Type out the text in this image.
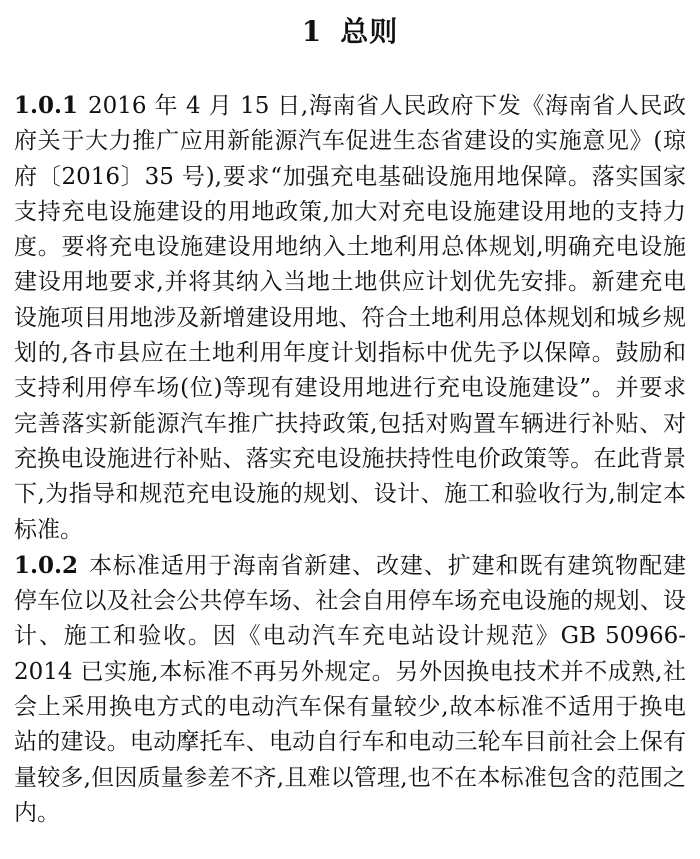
1 总则

1.0.1 2016 年 4 月 15 日,海南省人民政府下发《海南省人民政府关于大力推广应用新能源汽车促进生态省建设的实施意见》(琼府〔2016〕35 号),要求“加强充电基础设施用地保障。落实国家支持充电设施建设的用地政策,加大对充电设施建设用地的支持力度。要将充电设施建设用地纳入土地利用总体规划,明确充电设施建设用地要求,并将其纳入当地土地供应计划优先安排。新建充电设施项目用地涉及新增建设用地、符合土地利用总体规划和城乡规划的,各市县应在土地利用年度计划指标中优先予以保障。鼓励和支持利用停车场(位)等现有建设用地进行充电设施建设”。并要求完善落实新能源汽车推广扶持政策,包括对购置车辆进行补贴、对充换电设施进行补贴、落实充电设施扶持性电价政策等。在此背景下,为指导和规范充电设施的规划、设计、施工和验收行为,制定本标准。

1.0.2 本标准适用于海南省新建、改建、扩建和既有建筑物配建停车位以及社会公共停车场、社会自用停车场充电设施的规划、设计、施工和验收。因《电动汽车充电站设计规范》GB 50966-2014 已实施,本标准不再另外规定。另外因换电技术并不成熟,社会上采用换电方式的电动汽车保有量较少,故本标准不适用于换电站的建设。电动摩托车、电动自行车和电动三轮车目前社会上保有量较多,但因质量参差不齐,且难以管理,也不在本标准包含的范围之内。
